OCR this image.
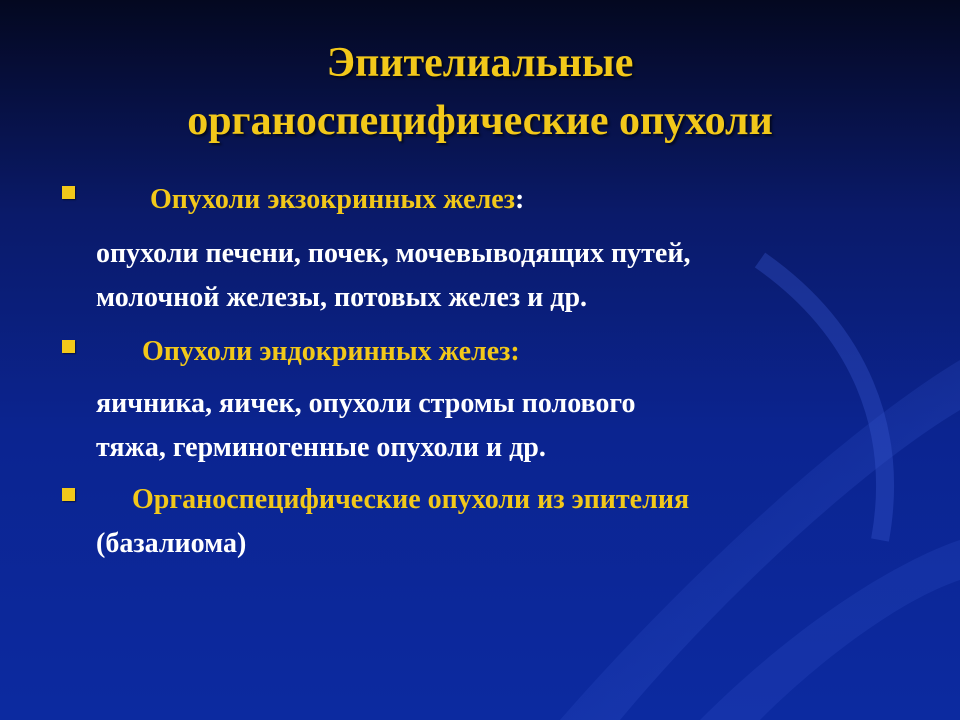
Эпителиальные
органоспецифические опухоли
Опухоли экзокринных желез:
опухоли печени, почек, мочевыводящих путей,
молочной железы, потовых желез и др.
Опухоли эндокринных желез:
яичника, яичек, опухоли стромы полового
тяжа, герминогенные опухоли и др.
Органоспецифические опухоли из эпителия
(базалиома)
